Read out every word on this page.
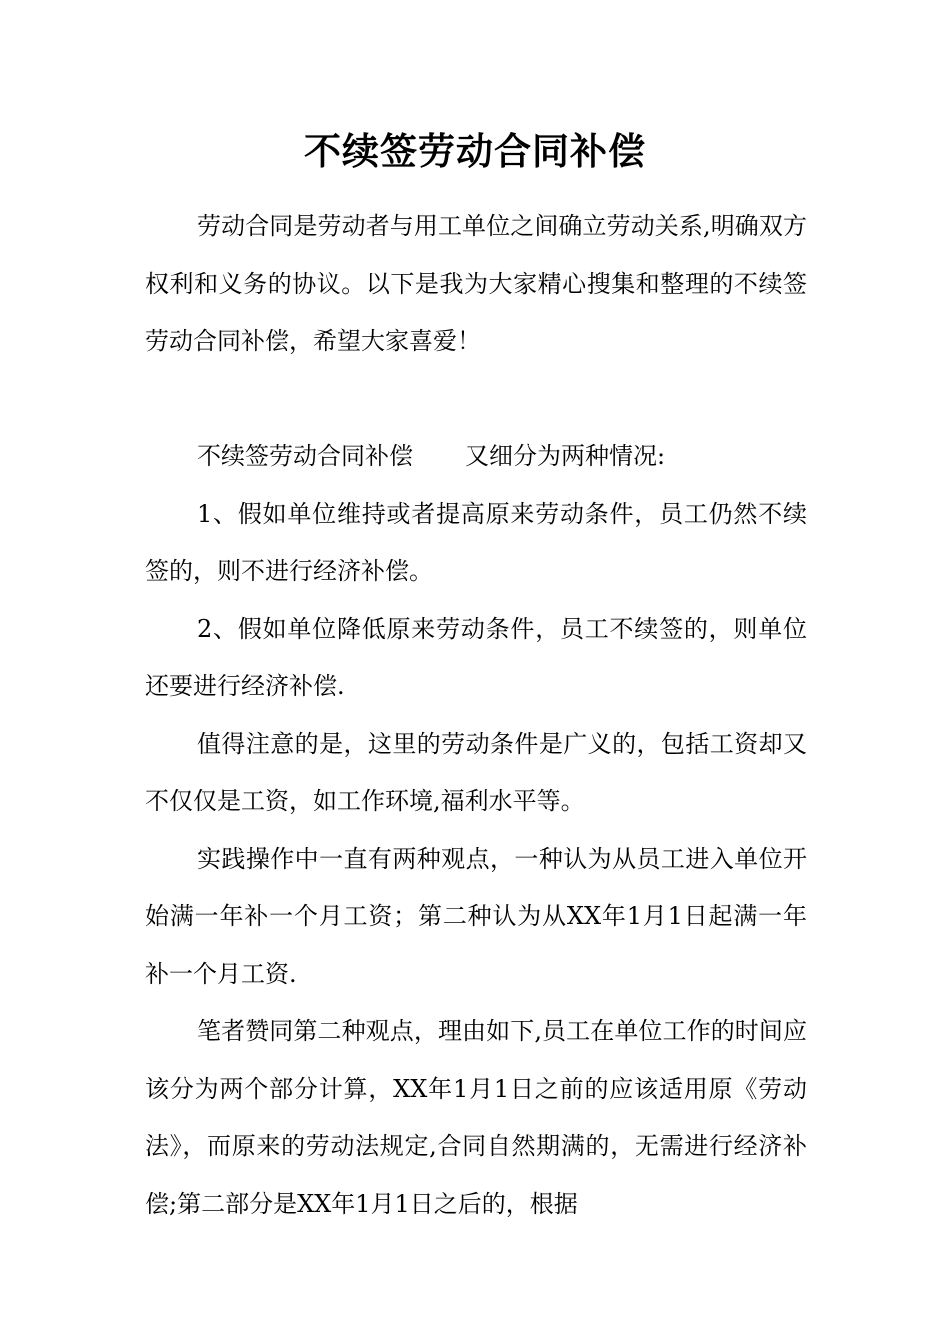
不续签劳动合同补偿

劳动合同是劳动者与用工单位之间确立劳动关系,明确双方权利和义务的协议。以下是我为大家精心搜集和整理的不续签劳动合同补偿，希望大家喜爱！

不续签劳动合同补偿 又细分为两种情况:

1、假如单位维持或者提高原来劳动条件，员工仍然不续签的，则不进行经济补偿。

2、假如单位降低原来劳动条件，员工不续签的，则单位还要进行经济补偿.

值得注意的是，这里的劳动条件是广义的，包括工资却又不仅仅是工资，如工作环境,福利水平等。

实践操作中一直有两种观点，一种认为从员工进入单位开始满一年补一个月工资；第二种认为从XX年1月1日起满一年补一个月工资.

笔者赞同第二种观点，理由如下,员工在单位工作的时间应该分为两个部分计算，XX年1月1日之前的应该适用原《劳动法》，而原来的劳动法规定,合同自然期满的，无需进行经济补偿;第二部分是XX年1月1日之后的，根据
